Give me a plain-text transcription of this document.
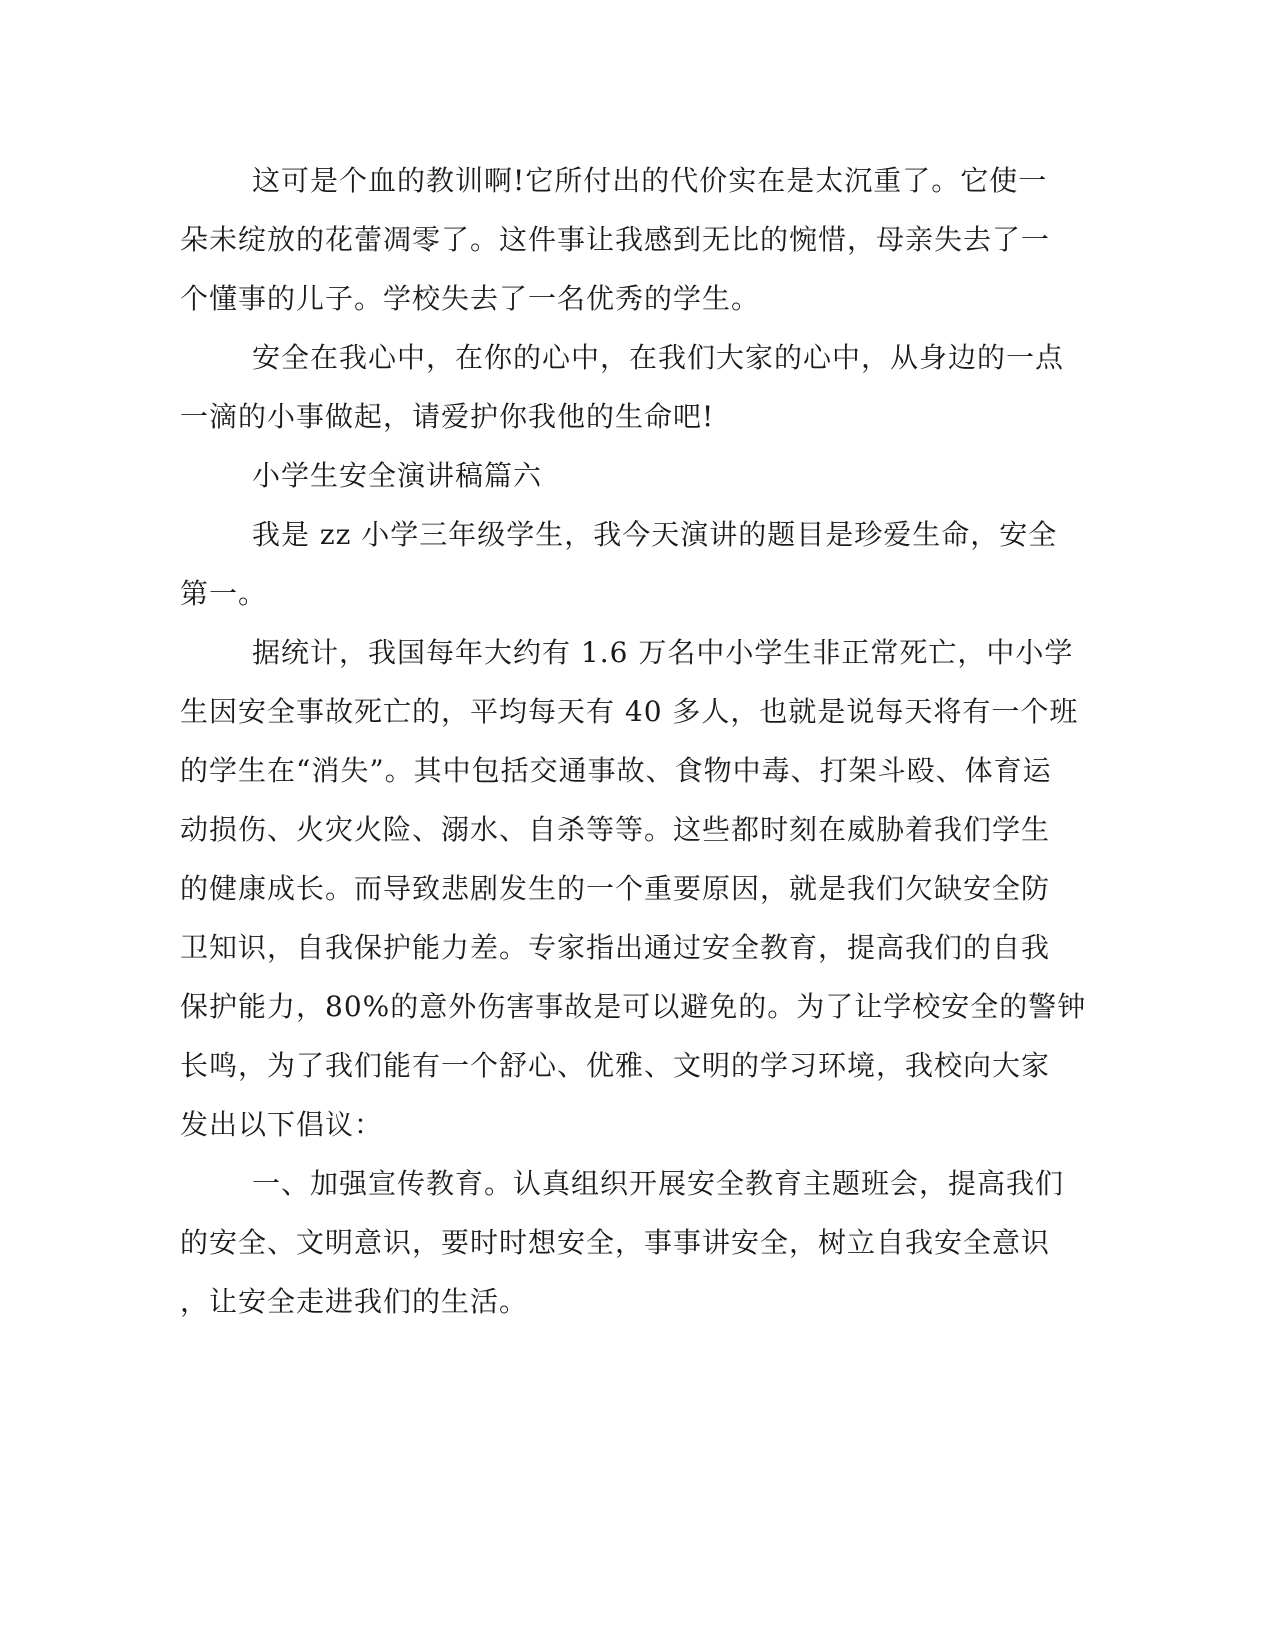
这可是个血的教训啊!它所付出的代价实在是太沉重了。它使一
朵未绽放的花蕾凋零了。这件事让我感到无比的惋惜，母亲失去了一
个懂事的儿子。学校失去了一名优秀的学生。
安全在我心中，在你的心中，在我们大家的心中，从身边的一点
一滴的小事做起，请爱护你我他的生命吧!
小学生安全演讲稿篇六
我是 zz 小学三年级学生，我今天演讲的题目是珍爱生命，安全
第一。
据统计，我国每年大约有 1.6 万名中小学生非正常死亡，中小学
生因安全事故死亡的，平均每天有 40 多人，也就是说每天将有一个班
的学生在“消失”。其中包括交通事故、食物中毒、打架斗殴、体育运
动损伤、火灾火险、溺水、自杀等等。这些都时刻在威胁着我们学生
的健康成长。而导致悲剧发生的一个重要原因，就是我们欠缺安全防
卫知识，自我保护能力差。专家指出通过安全教育，提高我们的自我
保护能力，80%的意外伤害事故是可以避免的。为了让学校安全的警钟
长鸣，为了我们能有一个舒心、优雅、文明的学习环境，我校向大家
发出以下倡议：
一、加强宣传教育。认真组织开展安全教育主题班会，提高我们
的安全、文明意识，要时时想安全，事事讲安全，树立自我安全意识
，让安全走进我们的生活。
